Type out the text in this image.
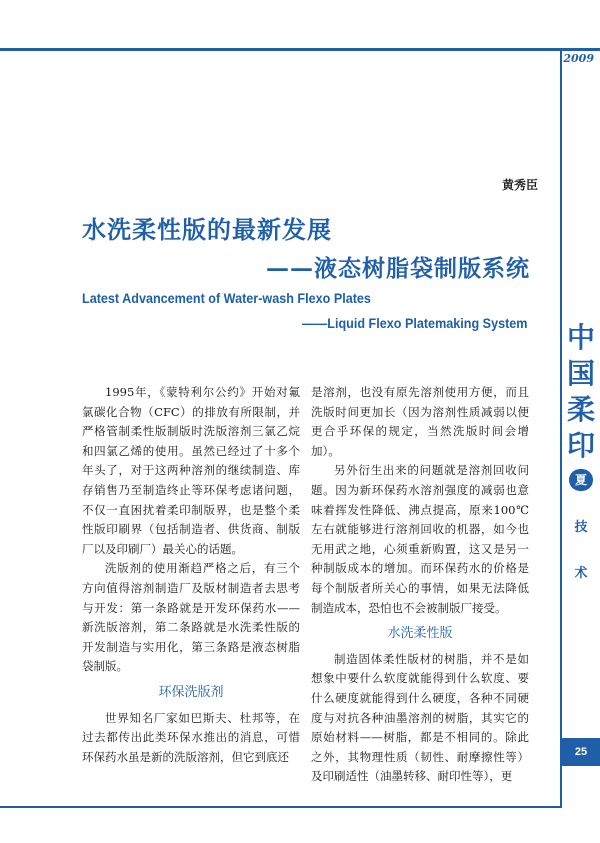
2009
中国柔印
夏
技
术
25
黄秀臣
水洗柔性版的最新发展
——液态树脂袋制版系统
Latest Advancement of Water-wash Flexo Plates
——Liquid Flexo Platemaking System

1995年，《蒙特利尔公约》开始对氟氯碳化合物（CFC）的排放有所限制，并严格管制柔性版制版时洗版溶剂三氯乙烷和四氯乙烯的使用。虽然已经过了十多个年头了，对于这两种溶剂的继续制造、库存销售乃至制造终止等环保考虑诸问题，不仅一直困扰着柔印制版界，也是整个柔性版印刷界（包括制造者、供货商、制版厂以及印刷厂）最关心的话题。

洗版剂的使用渐趋严格之后，有三个方向值得溶剂制造厂及版材制造者去思考与开发：第一条路就是开发环保药水——新洗版溶剂，第二条路就是水洗柔性版的开发制造与实用化，第三条路是液态树脂袋制版。

环保洗版剂

世界知名厂家如巴斯夫、杜邦等，在过去都传出此类环保水推出的消息，可惜环保药水虽是新的洗版溶剂，但它到底还

是溶剂，也没有原先溶剂使用方便，而且洗版时间更加长（因为溶剂性质减弱以便更合乎环保的规定，当然洗版时间会增加）。

另外衍生出来的问题就是溶剂回收问题。因为新环保药水溶剂强度的减弱也意味着挥发性降低、沸点提高，原来100℃左右就能够进行溶剂回收的机器，如今也无用武之地，心须重新购置，这又是另一种制版成本的增加。而环保药水的价格是每个制版者所关心的事情，如果无法降低制造成本，恐怕也不会被制版厂接受。

水洗柔性版

制造固体柔性版材的树脂，并不是如想象中要什么软度就能得到什么软度、要什么硬度就能得到什么硬度，各种不同硬度与对抗各种油墨溶剂的树脂，其实它的原始材料——树脂，都是不相同的。除此之外，其物理性质（韧性、耐摩擦性等）及印刷适性（油墨转移、耐印性等），更
